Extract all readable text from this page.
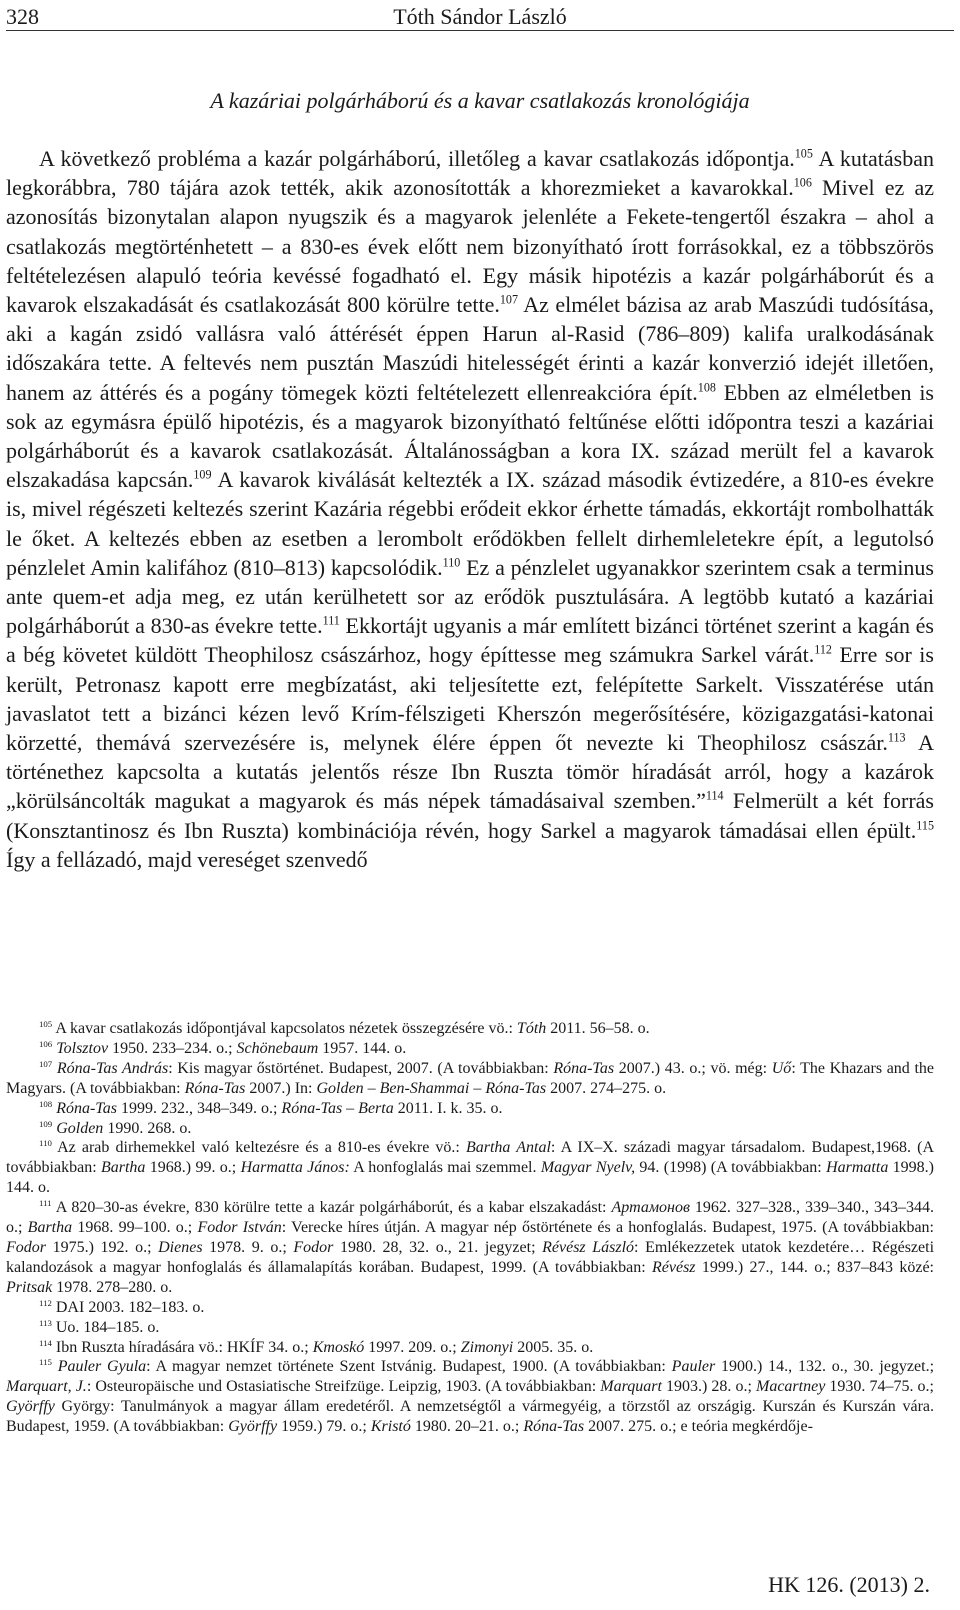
328	Tóth Sándor László
A kazáriai polgárháború és a kavar csatlakozás kronológiája

A következő probléma a kazár polgárháború, illetőleg a kavar csatlakozás időpontja.$^{105}$ A kutatásban legkorábbra, 780 tájára azok tették, akik azonosították a khorezmieket a kavarokkal.$^{106}$ Mivel ez az azonosítás bizonytalan alapon nyugszik és a magyarok jelenléte a Fekete-tengertől északra – ahol a csatlakozás megtörténhetett – a 830-es évek előtt nem bizonyítható írott forrásokkal, ez a többszörös feltételezésen alapuló teória kevéssé fogadható el. Egy másik hipotézis a kazár polgárháborút és a kavarok elszakadását és csatlakozását 800 körülre tette.$^{107}$ Az elmélet bázisa az arab Maszúdi tudósítása, aki a kagán zsidó vallásra való áttérését éppen Harun al-Rasid (786–809) kalifa uralkodásának időszakára tette. A feltevés nem pusztán Maszúdi hitelességét érinti a kazár konverzió idejét illetően, hanem az áttérés és a pogány tömegek közti feltételezett ellenreakcióra épít.$^{108}$ Ebben az elméletben is sok az egymásra épülő hipotézis, és a magyarok bizonyítható feltűnése előtti időpontra teszi a kazáriai polgárháborút és a kavarok csatlakozását. Általánosságban a kora IX. század merült fel a kavarok elszakadása kapcsán.$^{109}$ A kavarok kiválását keltezték a IX. század második évtizedére, a 810-es évekre is, mivel régészeti keltezés szerint Kazária régebbi erődeit ekkor érhette támadás, ekkortájt rombolhatták le őket. A keltezés ebben az esetben a lerombolt erődökben fellelt dirhemleletekre épít, a legutolsó pénzlelet Amin kalifához (810–813) kapcsolódik.$^{110}$ Ez a pénzlelet ugyanakkor szerintem csak a terminus ante quem-et adja meg, ez után kerülhetett sor az erődök pusztulására. A legtöbb kutató a kazáriai polgárháborút a 830-as évekre tette.$^{111}$ Ekkortájt ugyanis a már említett bizánci történet szerint a kagán és a bég követet küldött Theophilosz császárhoz, hogy építtesse meg számukra Sarkel várát.$^{112}$ Erre sor is került, Petronasz kapott erre megbízatást, aki teljesítette ezt, felépítette Sarkelt. Visszatérése után javaslatot tett a bizánci kézen levő Krím-félszigeti Kherszón megerősítésére, közigazgatási-katonai körzetté, themává szervezésére is, melynek élére éppen őt nevezte ki Theophilosz császár.$^{113}$ A történethez kapcsolta a kutatás jelentős része Ibn Ruszta tömör híradását arról, hogy a kazárok „körülsáncolták magukat a magyarok és más népek támadásaival szemben.”$^{114}$ Felmerült a két forrás (Konsztantinosz és Ibn Ruszta) kombinációja révén, hogy Sarkel a magyarok támadásai ellen épült.$^{115}$ Így a fellázadó, majd vereséget szenvedő

$^{105}$ A kavar csatlakozás időpontjával kapcsolatos nézetek összegzésére vö.: Tóth 2011. 56–58. o.

$^{106}$ Tolsztov 1950. 233–234. o.; Schönebaum 1957. 144. o.

$^{107}$ Róna-Tas András: Kis magyar őstörténet. Budapest, 2007. (A továbbiakban: Róna-Tas 2007.) 43. o.; vö. még: Uő: The Khazars and the Magyars. (A továbbiakban: Róna-Tas 2007.) In: Golden – Ben-Shammai – Róna-Tas 2007. 274–275. o.

$^{108}$ Róna-Tas 1999. 232., 348–349. o.; Róna-Tas – Berta 2011. I. k. 35. o.

$^{109}$ Golden 1990. 268. o.

$^{110}$ Az arab dirhemekkel való keltezésre és a 810-es évekre vö.: Bartha Antal: A IX–X. századi magyar társadalom. Budapest,1968. (A továbbiakban: Bartha 1968.) 99. o.; Harmatta János: A honfoglalás mai szemmel. Magyar Nyelv, 94. (1998) (A továbbiakban: Harmatta 1998.) 144. o.

$^{111}$ A 820–30-as évekre, 830 körülre tette a kazár polgárháborút, és a kabar elszakadást: Артамонов 1962. 327–328., 339–340., 343–344. o.; Bartha 1968. 99–100. o.; Fodor István: Verecke híres útján. A magyar nép őstörténete és a honfoglalás. Budapest, 1975. (A továbbiakban: Fodor 1975.) 192. o.; Dienes 1978. 9. o.; Fodor 1980. 28, 32. o., 21. jegyzet; Révész László: Emlékezzetek utatok kezdetére… Régészeti kalandozások a magyar honfoglalás és államalapítás korában. Budapest, 1999. (A továbbiakban: Révész 1999.) 27., 144. o.; 837–843 közé: Pritsak 1978. 278–280. o.

$^{112}$ DAI 2003. 182–183. o.

$^{113}$ Uo. 184–185. o.

$^{114}$ Ibn Ruszta híradására vö.: HKÍF 34. o.; Kmoskó 1997. 209. o.; Zimonyi 2005. 35. o.

$^{115}$ Pauler Gyula: A magyar nemzet története Szent Istvánig. Budapest, 1900. (A továbbiakban: Pauler 1900.) 14., 132. o., 30. jegyzet.; Marquart, J.: Osteuropäische und Ostasiatische Streifzüge. Leipzig, 1903. (A továbbiakban: Marquart 1903.) 28. o.; Macartney 1930. 74–75. o.; Györffy György: Tanulmányok a magyar állam eredetéről. A nemzetségtől a vármegyéig, a törzstől az országig. Kurszán és Kurszán vára. Budapest, 1959. (A továbbiakban: Györffy 1959.) 79. o.; Kristó 1980. 20–21. o.; Róna-Tas 2007. 275. o.; e teória megkérdője-

HK 126. (2013) 2.
